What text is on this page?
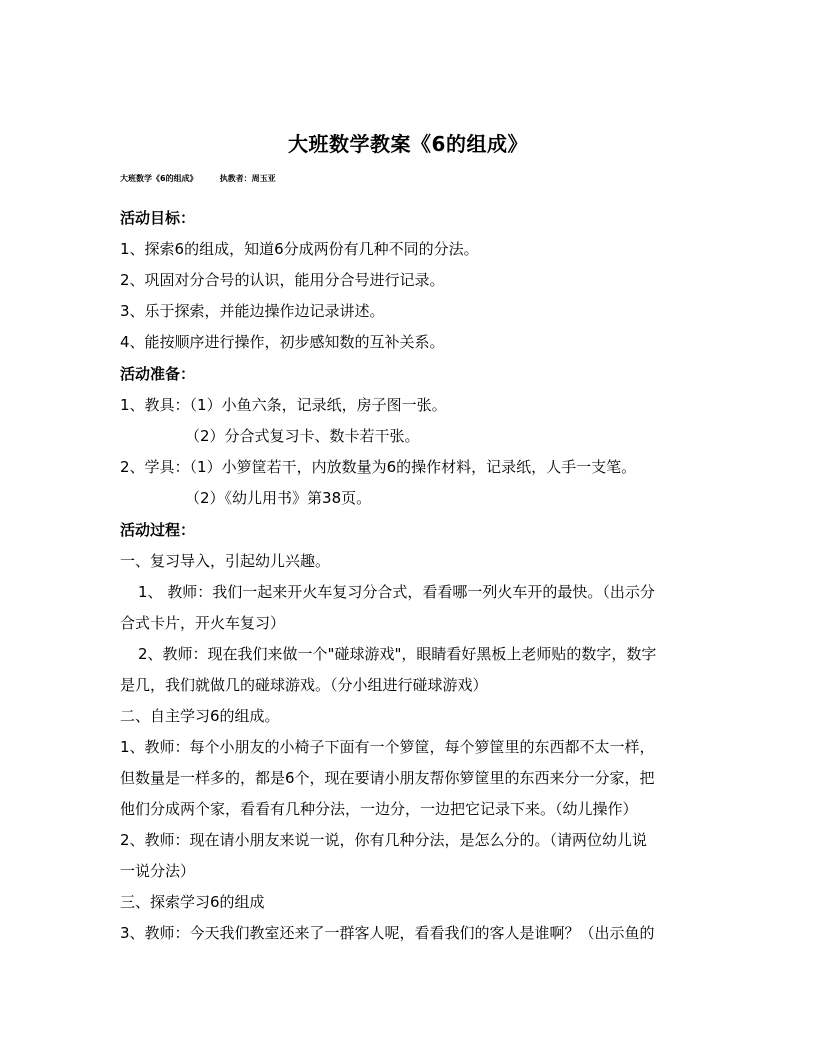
大班数学教案《6的组成》
大班数学《6的组成》	执教者：周玉亚
活动目标：
1、探索6的组成，知道6分成两份有几种不同的分法。
2、巩固对分合号的认识，能用分合号进行记录。
3、乐于探索，并能边操作边记录讲述。
4、能按顺序进行操作，初步感知数的互补关系。
活动准备：
1、教具：（1）小鱼六条，记录纸，房子图一张。
（2）分合式复习卡、数卡若干张。
2、学具：（1）小箩筐若干，内放数量为6的操作材料，记录纸，人手一支笔。
（2）《幼儿用书》第38页。
活动过程：
一、复习导入，引起幼儿兴趣。
1、 教师：我们一起来开火车复习分合式，看看哪一列火车开的最快。（出示分
合式卡片，开火车复习）
2、教师：现在我们来做一个"碰球游戏"，眼睛看好黑板上老师贴的数字，数字
是几，我们就做几的碰球游戏。（分小组进行碰球游戏）
二、自主学习6的组成。
1、教师：每个小朋友的小椅子下面有一个箩筐，每个箩筐里的东西都不太一样，
但数量是一样多的，都是6个，现在要请小朋友帮你箩筐里的东西来分一分家，把
他们分成两个家，看看有几种分法，一边分，一边把它记录下来。（幼儿操作）
2、教师：现在请小朋友来说一说，你有几种分法，是怎么分的。（请两位幼儿说
一说分法）
三、探索学习6的组成
3、教师：今天我们教室还来了一群客人呢，看看我们的客人是谁啊？（出示鱼的
